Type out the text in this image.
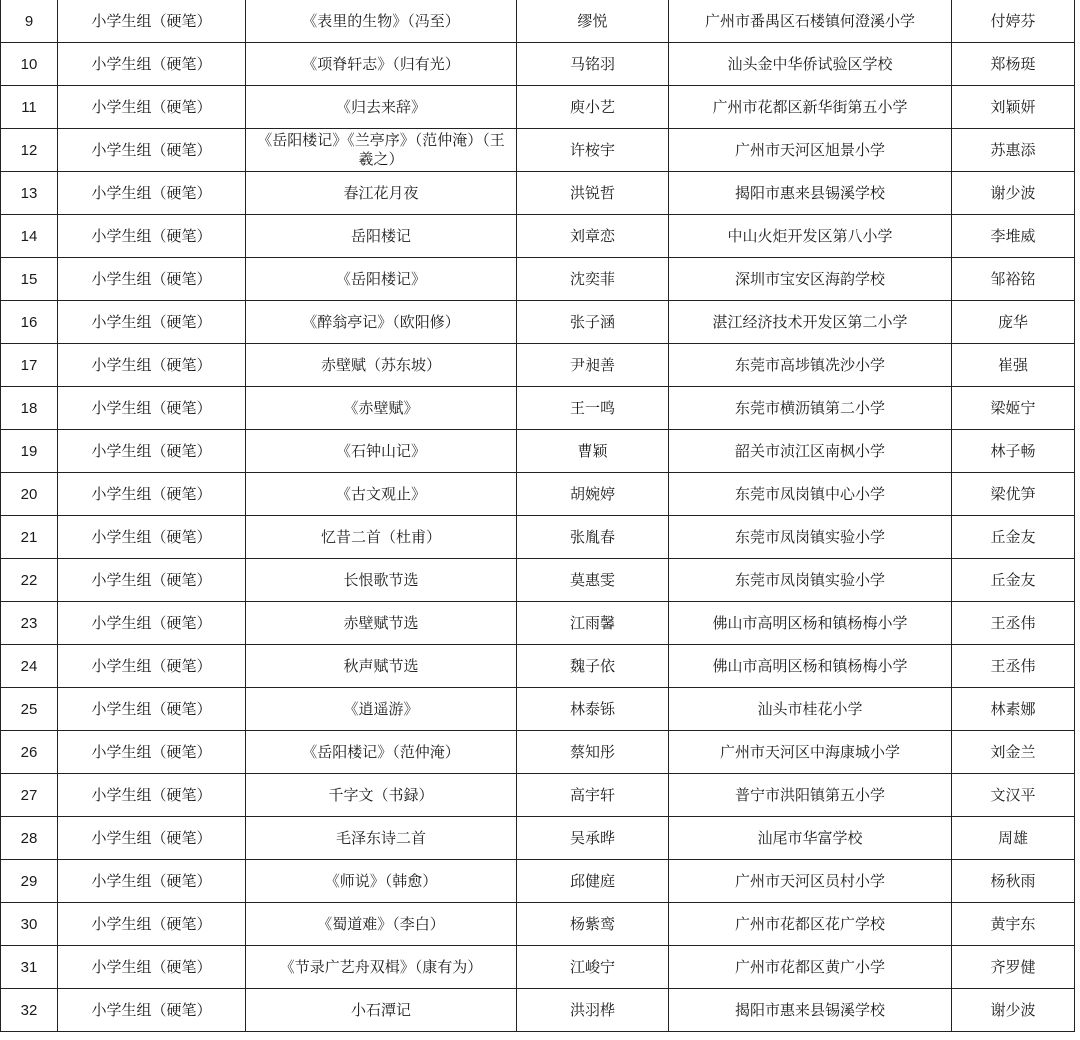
9	小学生组（硬笔）	《表里的生物》（冯至）	缪悦	广州市番禺区石楼镇何澄溪小学	付婷芬
10	小学生组（硬笔）	《项脊轩志》（归有光）	马铭羽	汕头金中华侨试验区学校	郑杨珽
11	小学生组（硬笔）	《归去来辞》	庾小艺	广州市花都区新华街第五小学	刘颖妍
12	小学生组（硬笔）	《岳阳楼记》《兰亭序》（范仲淹）（王羲之）	许桉宇	广州市天河区旭景小学	苏惠添
13	小学生组（硬笔）	春江花月夜	洪锐哲	揭阳市惠来县锡溪学校	谢少波
14	小学生组（硬笔）	岳阳楼记	刘章恋	中山火炬开发区第八小学	李堆威
15	小学生组（硬笔）	《岳阳楼记》	沈奕菲	深圳市宝安区海韵学校	邹裕铭
16	小学生组（硬笔）	《醉翁亭记》（欧阳修）	张子涵	湛江经济技术开发区第二小学	庞华
17	小学生组（硬笔）	赤壁赋（苏东坡）	尹昶善	东莞市高埗镇冼沙小学	崔强
18	小学生组（硬笔）	《赤壁赋》	王一鸣	东莞市横沥镇第二小学	梁姬宁
19	小学生组（硬笔）	《石钟山记》	曹颖	韶关市浈江区南枫小学	林子畅
20	小学生组（硬笔）	《古文观止》	胡婉婷	东莞市凤岗镇中心小学	梁优笋
21	小学生组（硬笔）	忆昔二首（杜甫）	张胤春	东莞市凤岗镇实验小学	丘金友
22	小学生组（硬笔）	长恨歌节选	莫惠雯	东莞市凤岗镇实验小学	丘金友
23	小学生组（硬笔）	赤壁赋节选	江雨馨	佛山市高明区杨和镇杨梅小学	王丞伟
24	小学生组（硬笔）	秋声赋节选	魏子依	佛山市高明区杨和镇杨梅小学	王丞伟
25	小学生组（硬笔）	《逍遥游》	林泰铄	汕头市桂花小学	林素娜
26	小学生组（硬笔）	《岳阳楼记》（范仲淹）	蔡知彤	广州市天河区中海康城小学	刘金兰
27	小学生组（硬笔）	千字文（书録）	高宇轩	普宁市洪阳镇第五小学	文汉平
28	小学生组（硬笔）	毛泽东诗二首	吴承晔	汕尾市华富学校	周雄
29	小学生组（硬笔）	《师说》（韩愈）	邱健庭	广州市天河区员村小学	杨秋雨
30	小学生组（硬笔）	《蜀道难》（李白）	杨紫鸾	广州市花都区花广学校	黄宇东
31	小学生组（硬笔）	《节录广艺舟双楫》（康有为）	江峻宁	广州市花都区黄广小学	齐罗健
32	小学生组（硬笔）	小石潭记	洪羽桦	揭阳市惠来县锡溪学校	谢少波
